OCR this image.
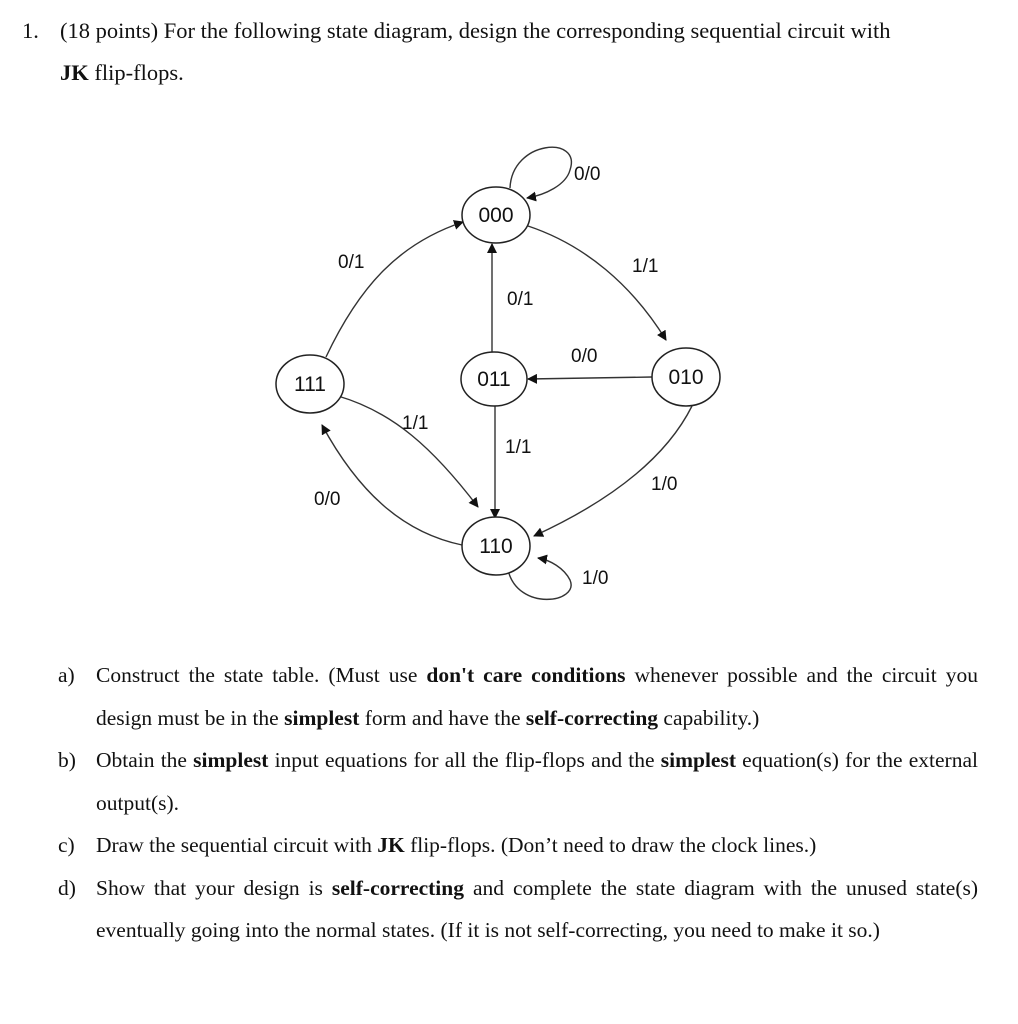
1. (18 points) For the following state diagram, design the corresponding sequential circuit with
JK flip-flops.
000
011	010
111
110
0/0
1/1
0/1
0/0
0/1
1/1
1/1
1/0
0/0
1/0
a) Construct the state table. (Must use don't care conditions whenever possible and the circuit you design must be in the simplest form and have the self-correcting capability.)
b) Obtain the simplest input equations for all the flip-flops and the simplest equation(s) for the external output(s).
c) Draw the sequential circuit with JK flip-flops. (Don’t need to draw the clock lines.)
d) Show that your design is self-correcting and complete the state diagram with the unused state(s) eventually going into the normal states. (If it is not self-correcting, you need to make it so.)
